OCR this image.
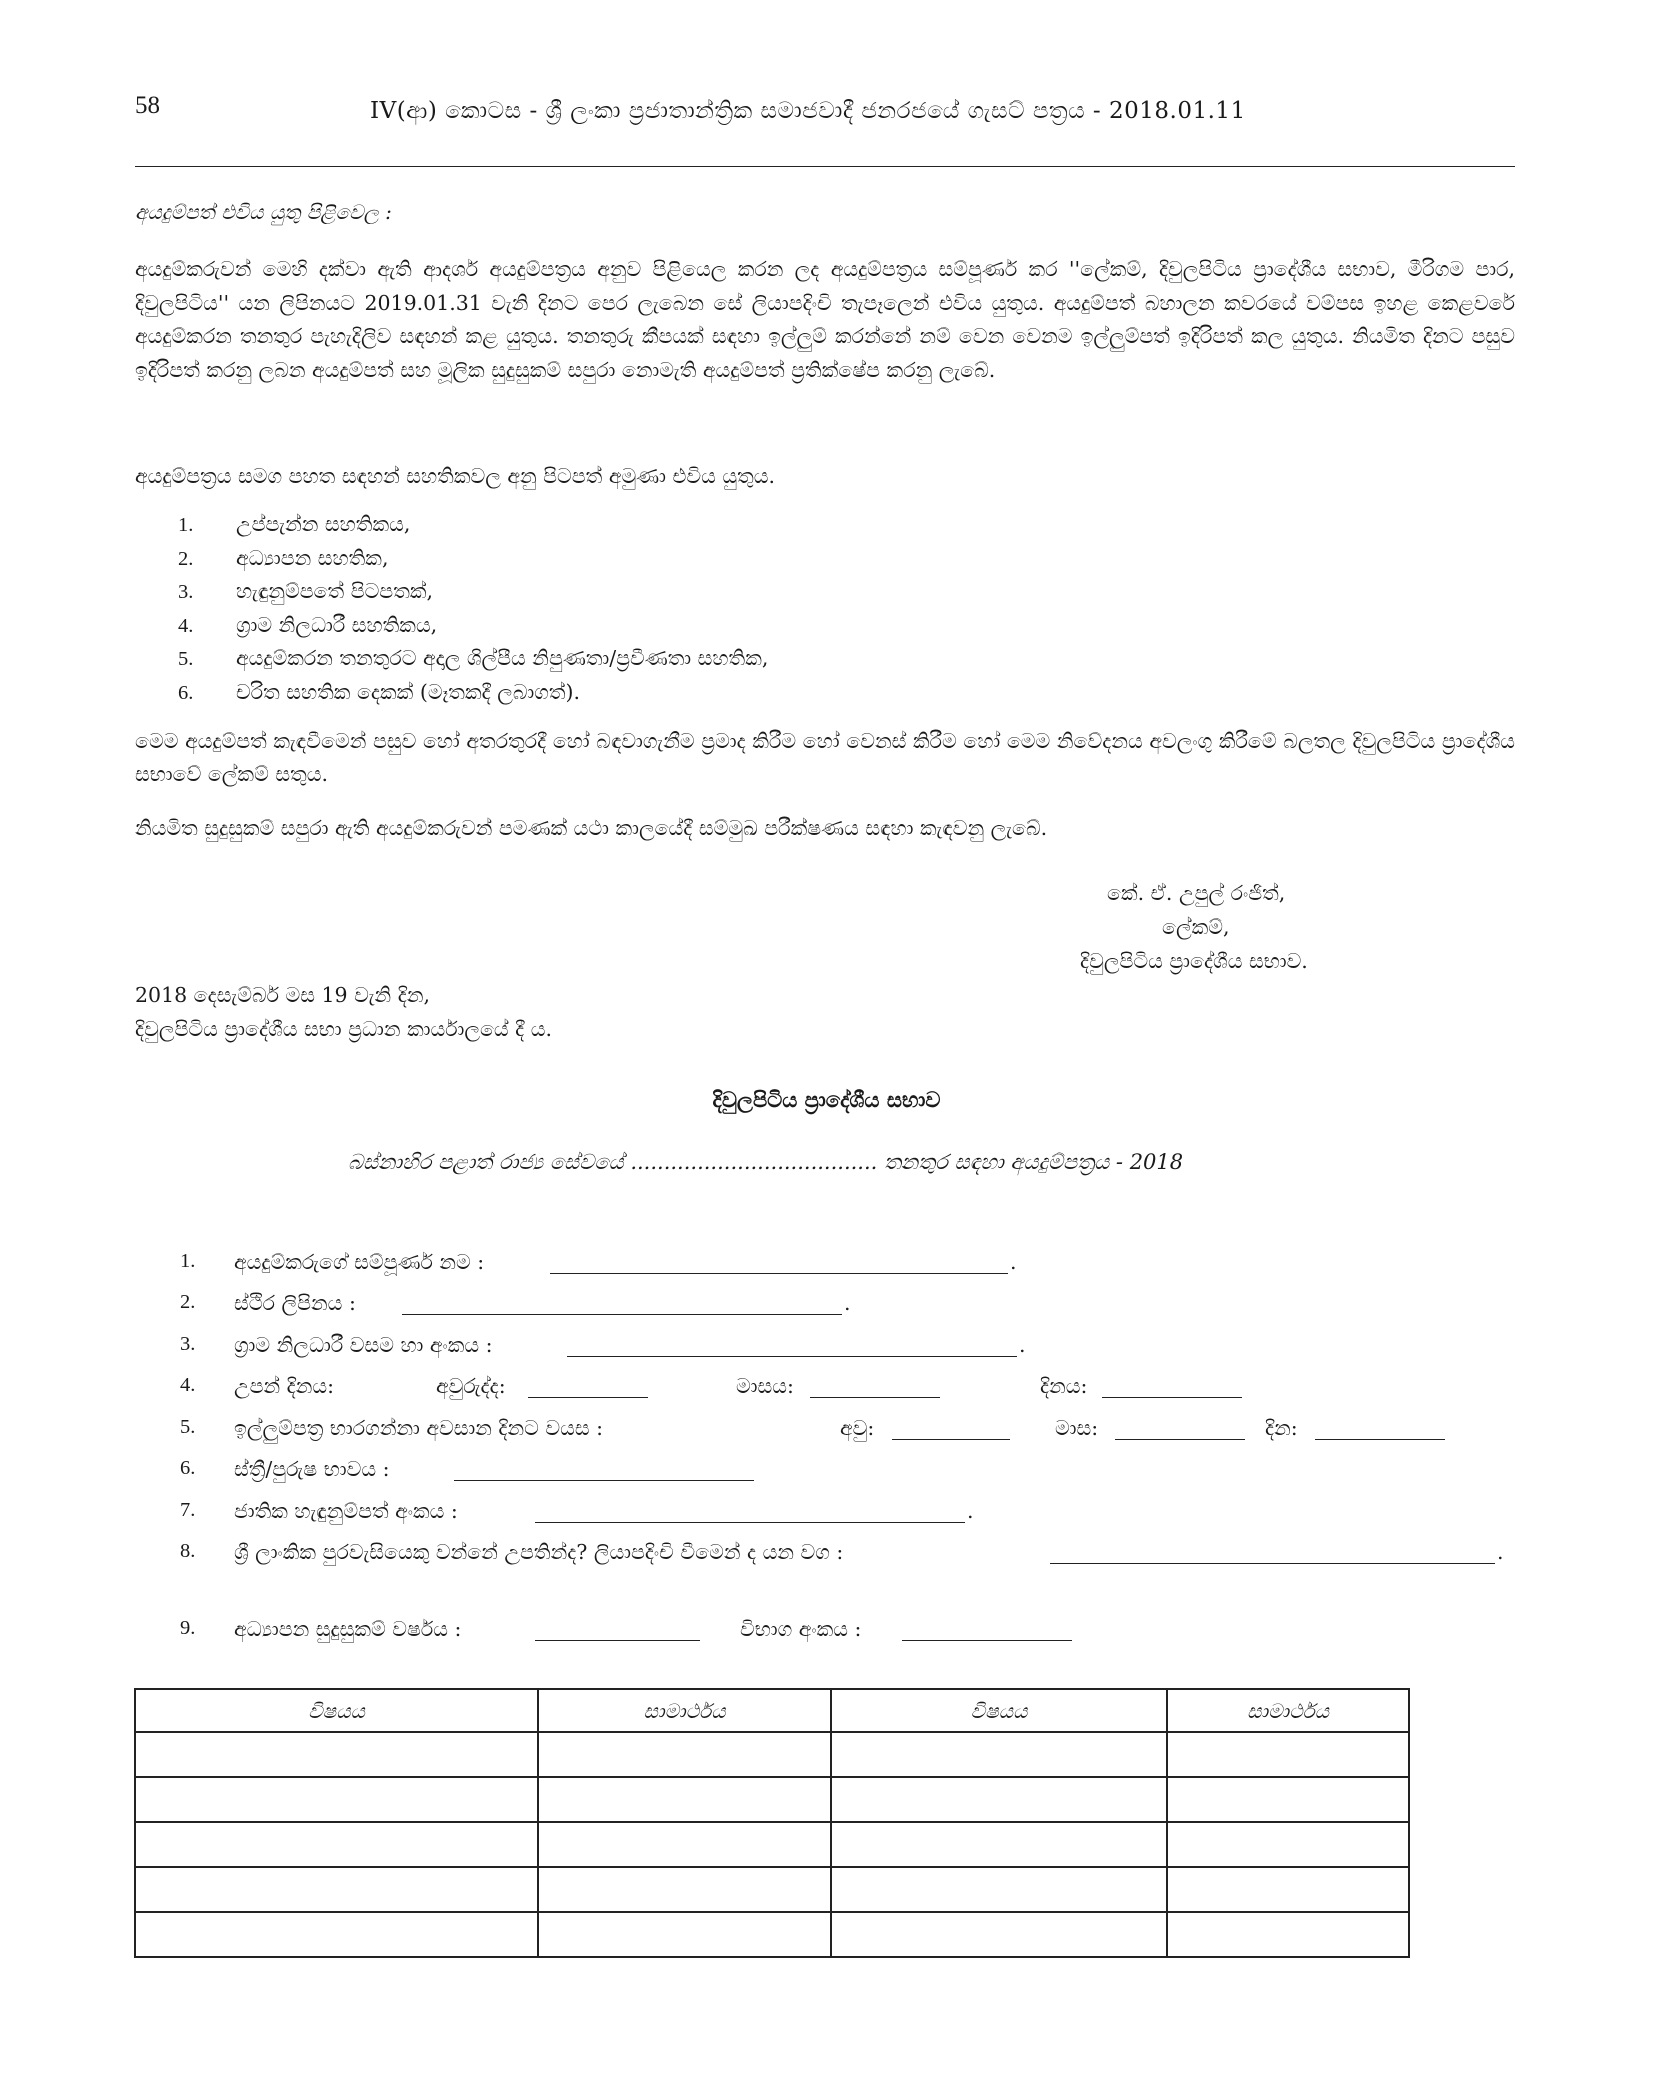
58	IV(ආ) කොටස - ශ්‍රී ලංකා ප්‍රජාතාන්ත්‍රික සමාජවාදී ජනරජයේ ගැසට් පත්‍රය - 2018.01.11
අයදුම්පත් එවිය යුතු පිළිවෙල :
අයදුම්කරුවන් මෙහි දක්වා ඇති ආදර්ශ අයදුම්පත්‍රය අනුව පිළියෙල කරන ලද අයදුම්පත්‍රය සම්පූර්ණ කර ''ලේකම්, දිවුලපිටිය ප්‍රාදේශීය සභාව, මීරිගම පාර, දිවුලපිටිය'' යන ලිපිනයට 2019.01.31 වැනි දිනට පෙර ලැබෙන සේ ලියාපදිංචි තැපෑලෙන් එවිය යුතුය. අයදුම්පත් බහාලන කවරයේ වම්පස ඉහළ කෙළවරේ අයදුම්කරන තනතුර පැහැදිලිව සඳහන් කළ යුතුය. තනතුරු කීපයක් සඳහා ඉල්ලුම් කරන්නේ නම් වෙන වෙනම ඉල්ලුම්පත් ඉදිරිපත් කල යුතුය. නියමිත දිනට පසුව ඉදිරිපත් කරනු ලබන අයදුම්පත් සහ මූලික සුදුසුකම් සපුරා නොමැති අයදුම්පත් ප්‍රතික්ෂේප කරනු ලැබේ.
අයදුම්පත්‍රය සමග පහත සඳහන් සහතිකවල අනු පිටපත් අමුණා එවිය යුතුය.
1. උප්පැන්න සහතිකය,
2. අධ්‍යාපන සහතික,
3. හැඳුනුම්පතේ පිටපතක්,
4. ග්‍රාම නිලධාරී සහතිකය,
5. අයදුම්කරන තනතුරට අදාල ශිල්පීය නිපුණතා/ප්‍රවීණතා සහතික,
6. චරිත සහතික දෙකක් (මෑතකදී ලබාගත්).
මෙම අයදුම්පත් කැඳවීමෙන් පසුව හෝ අතරතුරදී හෝ බඳවාගැනීම ප්‍රමාද කිරීම හෝ වෙනස් කිරීම හෝ මෙම නිවේදනය අවලංගු කිරීමේ බලතල දිවුලපිටිය ප්‍රාදේශීය සභාවේ ලේකම් සතුය.
නියමිත සුදුසුකම් සපුරා ඇති අයදුම්කරුවන් පමණක් යථා කාලයේදී සම්මුඛ පරීක්ෂණය සඳහා කැඳවනු ලැබේ.
කේ. ඒ. උපුල් රංජිත්,
ලේකම්,
දිවුලපිටිය ප්‍රාදේශීය සභාව.
2018 දෙසැම්බර් මස 19 වැනි දින,
දිවුලපිටිය ප්‍රාදේශීය සභා ප්‍රධාන කාර්යාලයේ දී ය.
දිවුලපිටිය ප්‍රාදේශීය සභාව
බස්නාහිර පළාත් රාජ්‍ය සේවයේ ..................................... තනතුර සඳහා අයදුම්පත්‍රය - 2018
1. අයදුම්කරුගේ සම්පූර්ණ නම :	.
2. ස්ථිර ලිපිනය :	.
3. ග්‍රාම නිලධාරී වසම හා අංකය :	.
4. උපන් දිනය:	අවුරුද්ද:	මාසය:	දිනය:
5. ඉල්ලුම්පත්‍ර භාරගන්නා අවසාන දිනට වයස :	අවු:	මාස:	දින:
6. ස්ත්‍රී/පුරුෂ භාවය :
7. ජාතික හැඳුනුම්පත් අංකය :	.
8. ශ්‍රී ලාංකික පුරවැසියෙකු වන්නේ උපතින්ද? ලියාපදිංචි වීමෙන් ද යන වග :	.
9. අධ්‍යාපන සුදුසුකම් වර්ෂය :	විභාග අංකය :
විෂයය	සාමාර්ථය	විෂයය	සාමාර්ථය
